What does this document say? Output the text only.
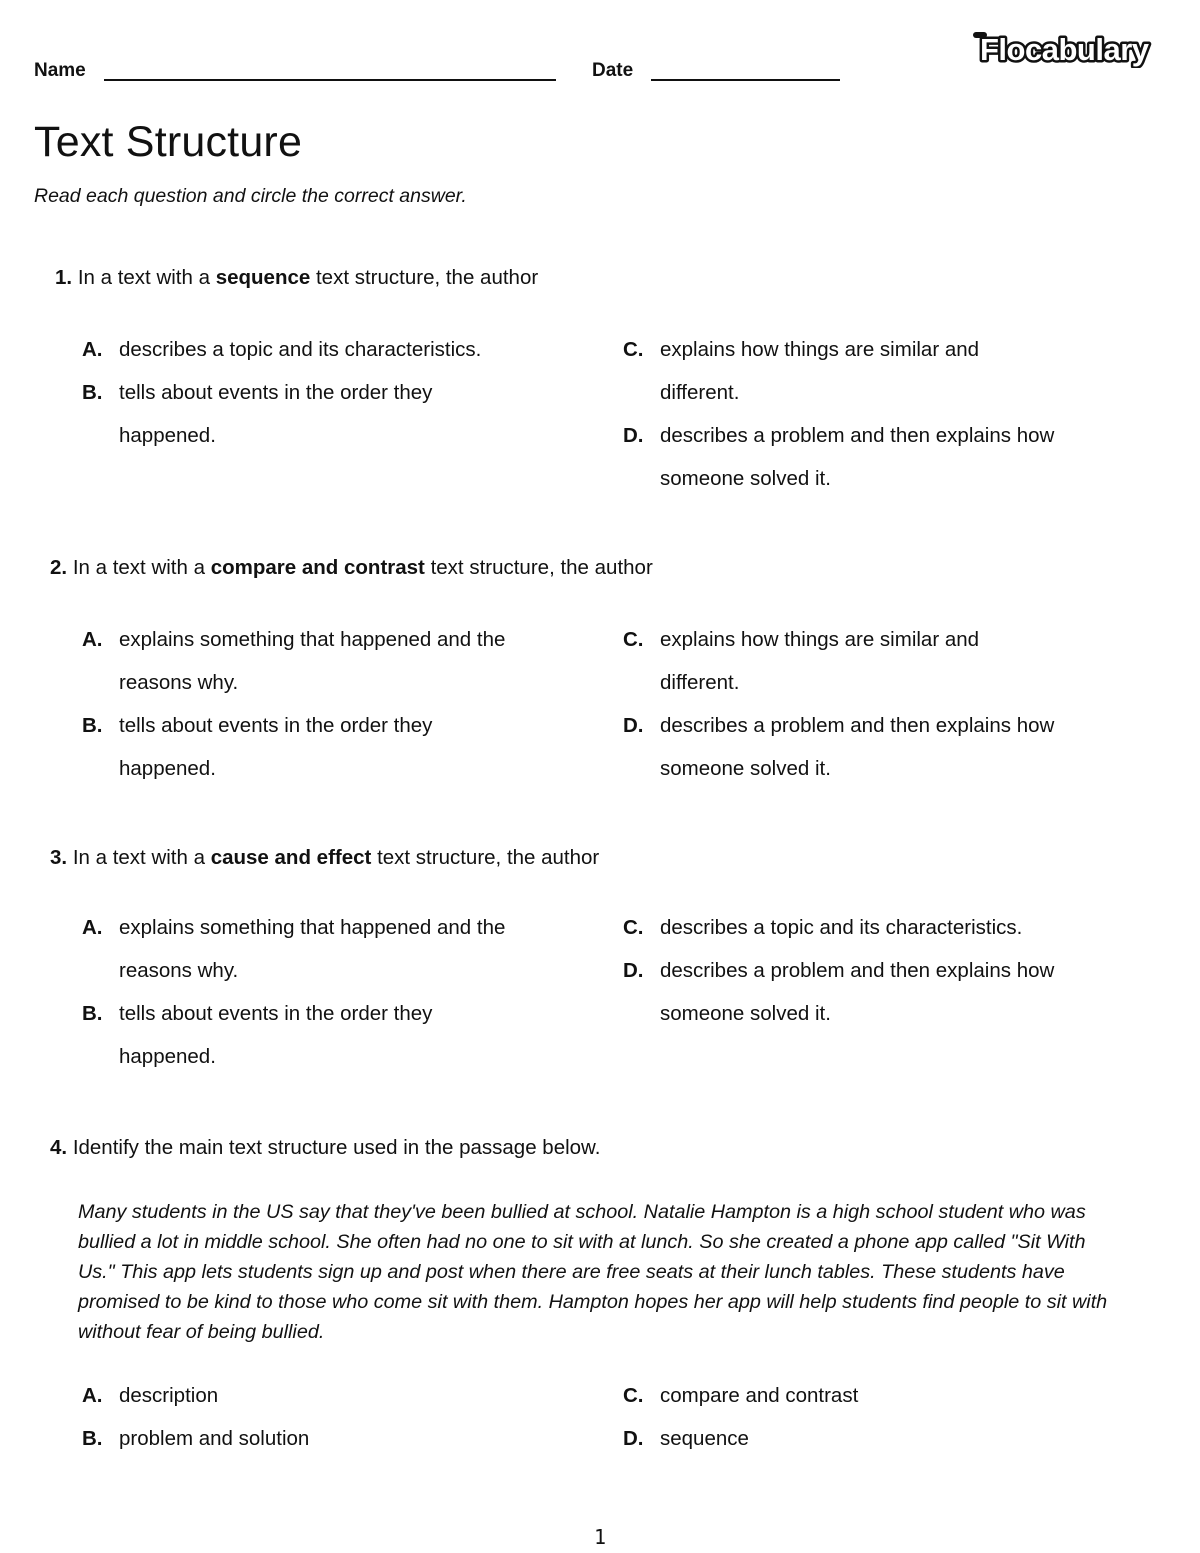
Name	Date
Flocabulary
Text Structure
Read each question and circle the correct answer.
1. In a text with a sequence text structure, the author
A. describes a topic and its characteristics.
B. tells about events in the order they happened.
C. explains how things are similar and different.
D. describes a problem and then explains how someone solved it.
2. In a text with a compare and contrast text structure, the author
A. explains something that happened and the reasons why.
B. tells about events in the order they happened.
C. explains how things are similar and different.
D. describes a problem and then explains how someone solved it.
3. In a text with a cause and effect text structure, the author
A. explains something that happened and the reasons why.
B. tells about events in the order they happened.
C. describes a topic and its characteristics.
D. describes a problem and then explains how someone solved it.
4. Identify the main text structure used in the passage below.
Many students in the US say that they've been bullied at school. Natalie Hampton is a high school student who was bullied a lot in middle school. She often had no one to sit with at lunch. So she created a phone app called "Sit With Us." This app lets students sign up and post when there are free seats at their lunch tables. These students have promised to be kind to those who come sit with them. Hampton hopes her app will help students find people to sit with without fear of being bullied.
A. description
B. problem and solution
C. compare and contrast
D. sequence
1
